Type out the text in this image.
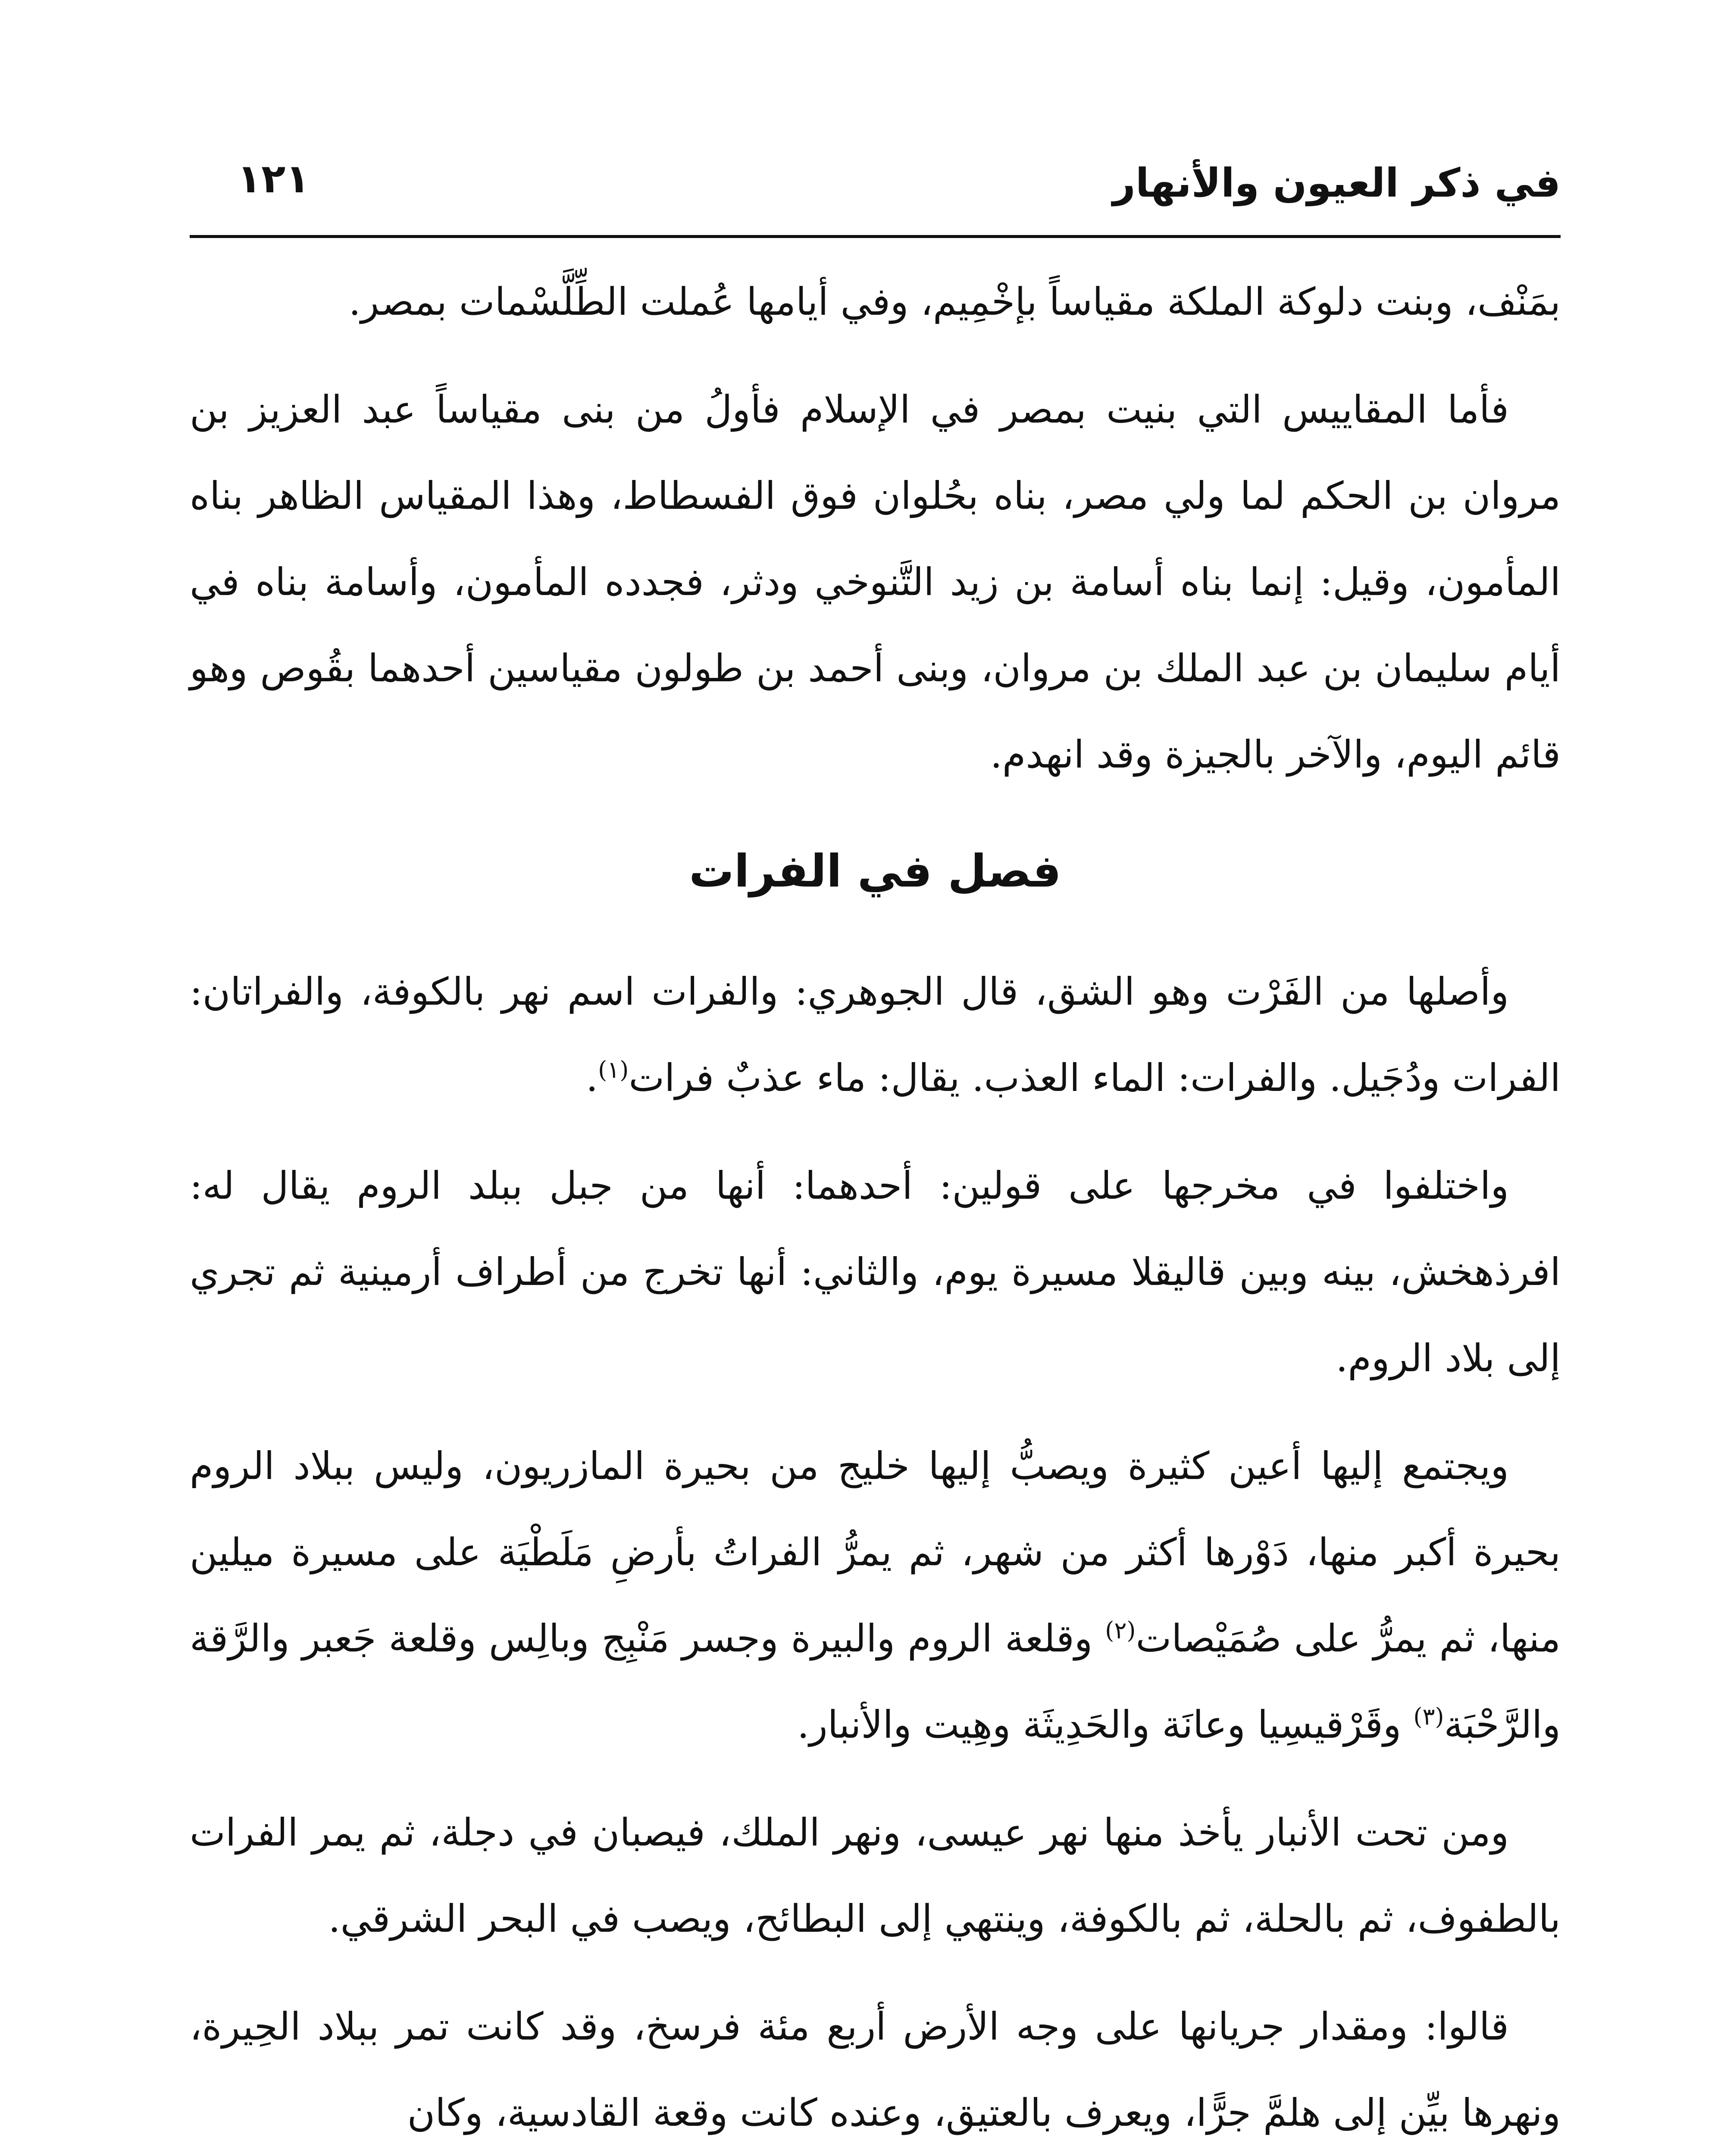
في ذكر العيون والأنهار
١٢١

بمَنْف، وبنت دلوكة الملكة مقياساً بإخْمِيم، وفي أيامها عُملت الطِّلَّسْمات بمصر.

فأما المقاييس التي بنيت بمصر في الإسلام فأولُ من بنى مقياساً عبد العزيز بن مروان بن الحكم لما ولي مصر، بناه بحُلوان فوق الفسطاط، وهذا المقياس الظاهر بناه المأمون، وقيل: إنما بناه أسامة بن زيد التَّنوخي ودثر، فجدده المأمون، وأسامة بناه في أيام سليمان بن عبد الملك بن مروان، وبنى أحمد بن طولون مقياسين أحدهما بقُوص وهو قائم اليوم، والآخر بالجيزة وقد انهدم.

فصل في الفرات

وأصلها من الفَرْت وهو الشق، قال الجوهري: والفرات اسم نهر بالكوفة، والفراتان: الفرات ودُجَيل. والفرات: الماء العذب. يقال: ماء عذبٌ فرات$^{(١)}$.

واختلفوا في مخرجها على قولين: أحدهما: أنها من جبل ببلد الروم يقال له: افرذهخش، بينه وبين قاليقلا مسيرة يوم، والثاني: أنها تخرج من أطراف أرمينية ثم تجري إلى بلاد الروم.

ويجتمع إليها أعين كثيرة ويصبُّ إليها خليج من بحيرة المازريون، وليس ببلاد الروم بحيرة أكبر منها، دَوْرها أكثر من شهر، ثم يمرُّ الفراتُ بأرضِ مَلَطْيَة على مسيرة ميلين منها، ثم يمرُّ على صُمَيْصات$^{(٢)}$ وقلعة الروم والبيرة وجسر مَنْبِج وبالِس وقلعة جَعبر والرَّقة والرَّحْبَة$^{(٣)}$ وقَرْقيسِيا وعانَة والحَدِيثَة وهِيت والأنبار.

ومن تحت الأنبار يأخذ منها نهر عيسى، ونهر الملك، فيصبان في دجلة، ثم يمر الفرات بالطفوف، ثم بالحلة، ثم بالكوفة، وينتهي إلى البطائح، ويصب في البحر الشرقي.

قالوا: ومقدار جريانها على وجه الأرض أربع مئة فرسخ، وقد كانت تمر ببلاد الحِيرة، ونهرها بيِّن إلى هلمَّ جرًّا، ويعرف بالعتيق، وعنده كانت وقعة القادسية، وكان
